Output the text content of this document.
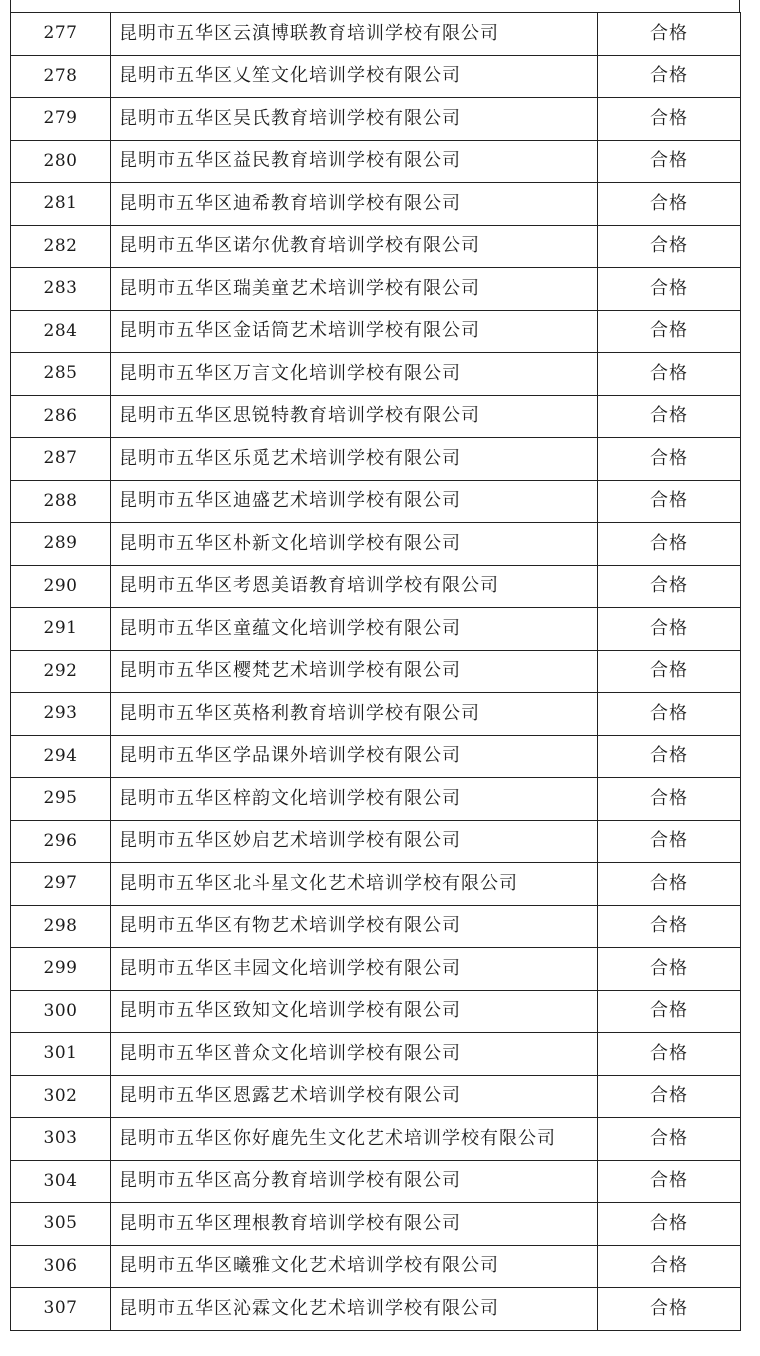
277	昆明市五华区云滇博联教育培训学校有限公司	合格
278	昆明市五华区乂笙文化培训学校有限公司	合格
279	昆明市五华区吴氏教育培训学校有限公司	合格
280	昆明市五华区益民教育培训学校有限公司	合格
281	昆明市五华区迪希教育培训学校有限公司	合格
282	昆明市五华区诺尔优教育培训学校有限公司	合格
283	昆明市五华区瑞美童艺术培训学校有限公司	合格
284	昆明市五华区金话筒艺术培训学校有限公司	合格
285	昆明市五华区万言文化培训学校有限公司	合格
286	昆明市五华区思锐特教育培训学校有限公司	合格
287	昆明市五华区乐觅艺术培训学校有限公司	合格
288	昆明市五华区迪盛艺术培训学校有限公司	合格
289	昆明市五华区朴新文化培训学校有限公司	合格
290	昆明市五华区考恩美语教育培训学校有限公司	合格
291	昆明市五华区童蕴文化培训学校有限公司	合格
292	昆明市五华区樱梵艺术培训学校有限公司	合格
293	昆明市五华区英格利教育培训学校有限公司	合格
294	昆明市五华区学品课外培训学校有限公司	合格
295	昆明市五华区梓韵文化培训学校有限公司	合格
296	昆明市五华区妙启艺术培训学校有限公司	合格
297	昆明市五华区北斗星文化艺术培训学校有限公司	合格
298	昆明市五华区有物艺术培训学校有限公司	合格
299	昆明市五华区丰园文化培训学校有限公司	合格
300	昆明市五华区致知文化培训学校有限公司	合格
301	昆明市五华区普众文化培训学校有限公司	合格
302	昆明市五华区恩露艺术培训学校有限公司	合格
303	昆明市五华区你好鹿先生文化艺术培训学校有限公司	合格
304	昆明市五华区高分教育培训学校有限公司	合格
305	昆明市五华区理根教育培训学校有限公司	合格
306	昆明市五华区曦雅文化艺术培训学校有限公司	合格
307	昆明市五华区沁霖文化艺术培训学校有限公司	合格
